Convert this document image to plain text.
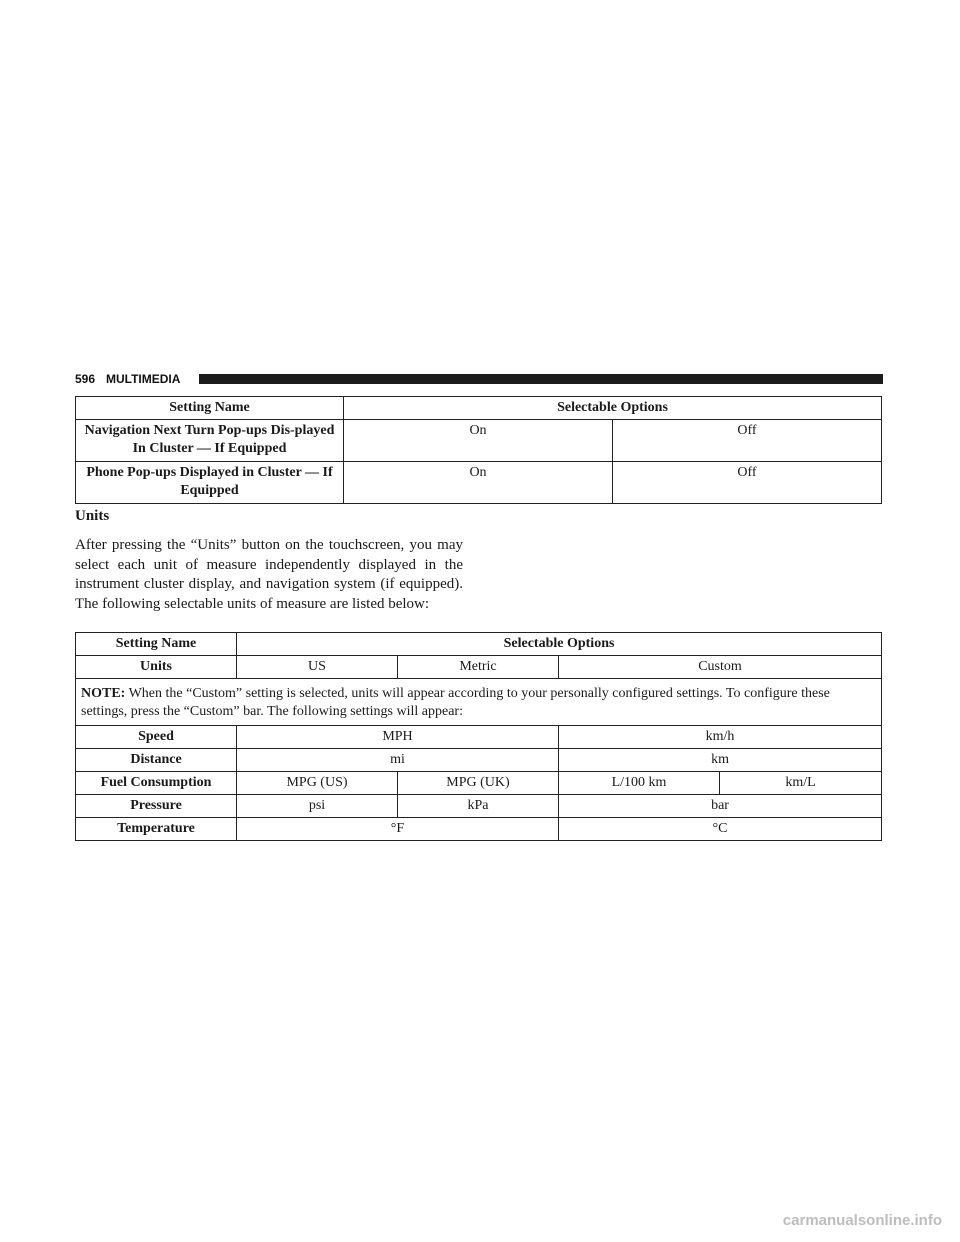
596 MULTIMEDIA
Setting Name	Selectable Options	
Navigation Next Turn Pop-ups Dis-played In Cluster — If Equipped	On	Off
Phone Pop-ups Displayed in Cluster — If Equipped	On	Off
Units

After pressing the “Units” button on the touchscreen, you may select each unit of measure independently displayed in the instrument cluster display, and navigation system (if equipped). The following selectable units of measure are listed below:

Setting Name	Selectable Options			
Units	US	Metric	Custom	
NOTE: When the “Custom” setting is selected, units will appear according to your personally configured settings. To configure these settings, press the “Custom” bar. The following settings will appear:				
Speed	MPH		km/h	
Distance	mi		km	
Fuel Consumption	MPG (US)	MPG (UK)	L/100 km	km/L
Pressure	psi	kPa	bar	
Temperature	°F		°C	
carmanualsonline.info
